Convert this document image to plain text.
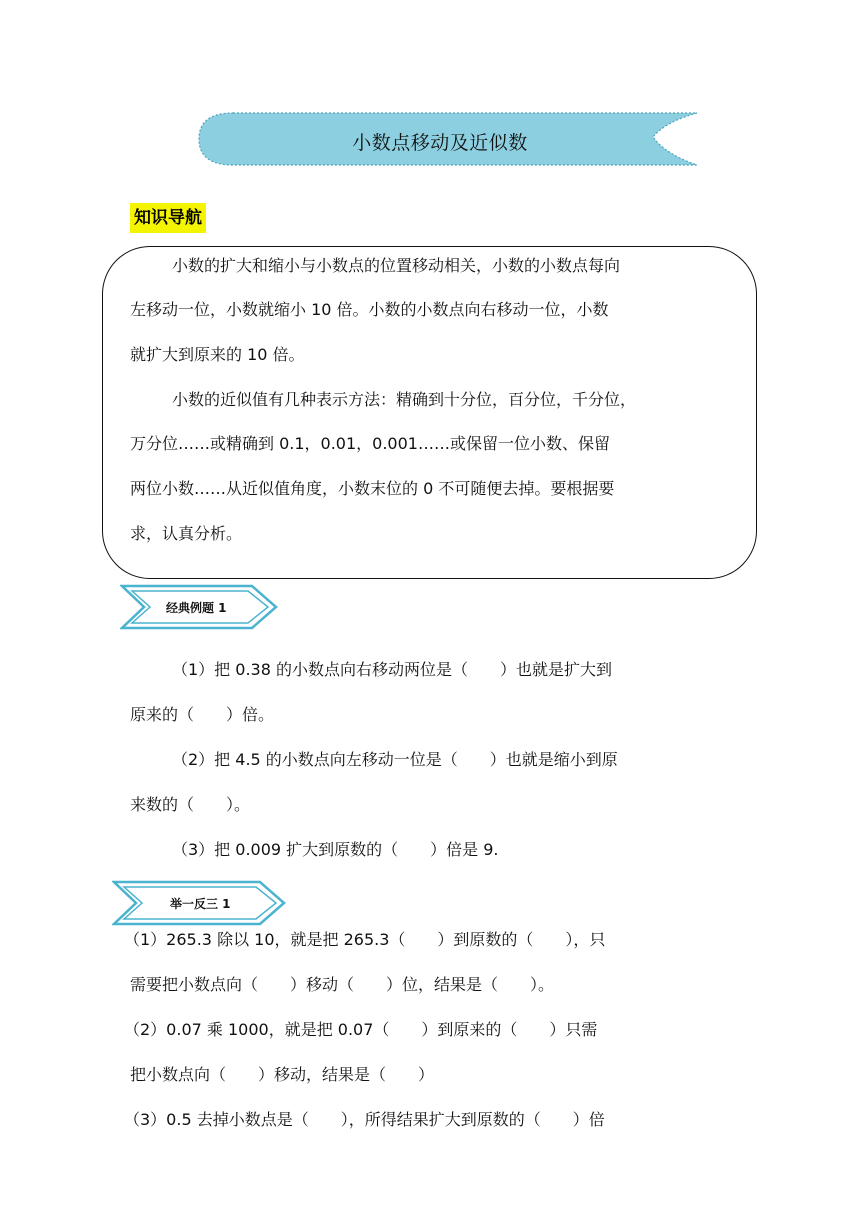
小数点移动及近似数
知识导航
小数的扩大和缩小与小数点的位置移动相关，小数的小数点每向
左移动一位，小数就缩小 10 倍。小数的小数点向右移动一位，小数
就扩大到原来的 10 倍。
小数的近似值有几种表示方法：精确到十分位，百分位，千分位，
万分位……或精确到 0.1，0.01，0.001……或保留一位小数、保留
两位小数……从近似值角度，小数末位的 0 不可随便去掉。要根据要
求，认真分析。
经典例题 1
（1）把 0.38 的小数点向右移动两位是（　　）也就是扩大到
原来的（　　）倍。
（2）把 4.5 的小数点向左移动一位是（　　）也就是缩小到原
来数的（　　）。
（3）把 0.009 扩大到原数的（　　）倍是 9.
举一反三 1
（1）265.3 除以 10，就是把 265.3（　　）到原数的（　　），只
需要把小数点向（　　）移动（　　）位，结果是（　　）。
（2）0.07 乘 1000，就是把 0.07（　　）到原来的（　　）只需
把小数点向（　　）移动，结果是（　　）
（3）0.5 去掉小数点是（　　），所得结果扩大到原数的（　　）倍
